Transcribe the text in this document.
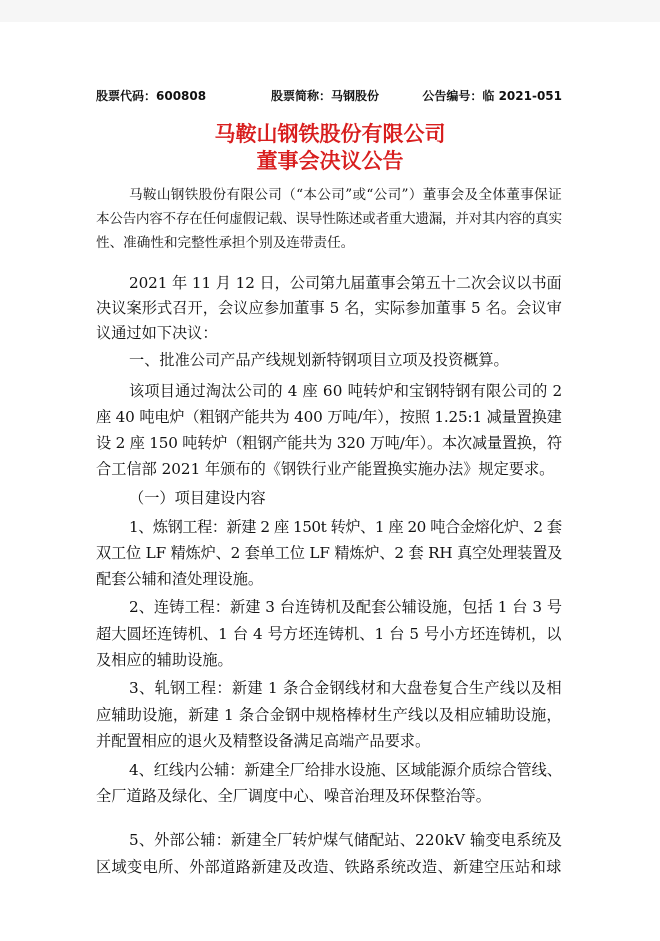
股票代码：600808	股票简称：马钢股份	公告编号：临 2021-051
马鞍山钢铁股份有限公司
董事会决议公告
马鞍山钢铁股份有限公司（“本公司”或“公司”）董事会及全体董事保证
本公告内容不存在任何虚假记载、误导性陈述或者重大遗漏，并对其内容的真实
性、准确性和完整性承担个别及连带责任。
2021 年 11 月 12 日，公司第九届董事会第五十二次会议以书面
决议案形式召开，会议应参加董事 5 名，实际参加董事 5 名。会议审
议通过如下决议：
一、批准公司产品产线规划新特钢项目立项及投资概算。
该项目通过淘汰公司的 4 座 60 吨转炉和宝钢特钢有限公司的 2
座 40 吨电炉（粗钢产能共为 400 万吨/年），按照 1.25:1 减量置换建
设 2 座 150 吨转炉（粗钢产能共为 320 万吨/年）。本次减量置换，符
合工信部 2021 年颁布的《钢铁行业产能置换实施办法》规定要求。
（一）项目建设内容
1、炼钢工程：新建 2 座 150t 转炉、1 座 20 吨合金熔化炉、2 套
双工位 LF 精炼炉、2 套单工位 LF 精炼炉、2 套 RH 真空处理装置及
配套公辅和渣处理设施。
2、连铸工程：新建 3 台连铸机及配套公辅设施，包括 1 台 3 号
超大圆坯连铸机、1 台 4 号方坯连铸机、1 台 5 号小方坯连铸机，以
及相应的辅助设施。
3、轧钢工程：新建 1 条合金钢线材和大盘卷复合生产线以及相
应辅助设施，新建 1 条合金钢中规格棒材生产线以及相应辅助设施，
并配置相应的退火及精整设备满足高端产品要求。
4、红线内公辅：新建全厂给排水设施、区域能源介质综合管线、
全厂道路及绿化、全厂调度中心、噪音治理及环保整治等。
5、外部公辅：新建全厂转炉煤气储配站、220kV 输变电系统及
区域变电所、外部道路新建及改造、铁路系统改造、新建空压站和球
